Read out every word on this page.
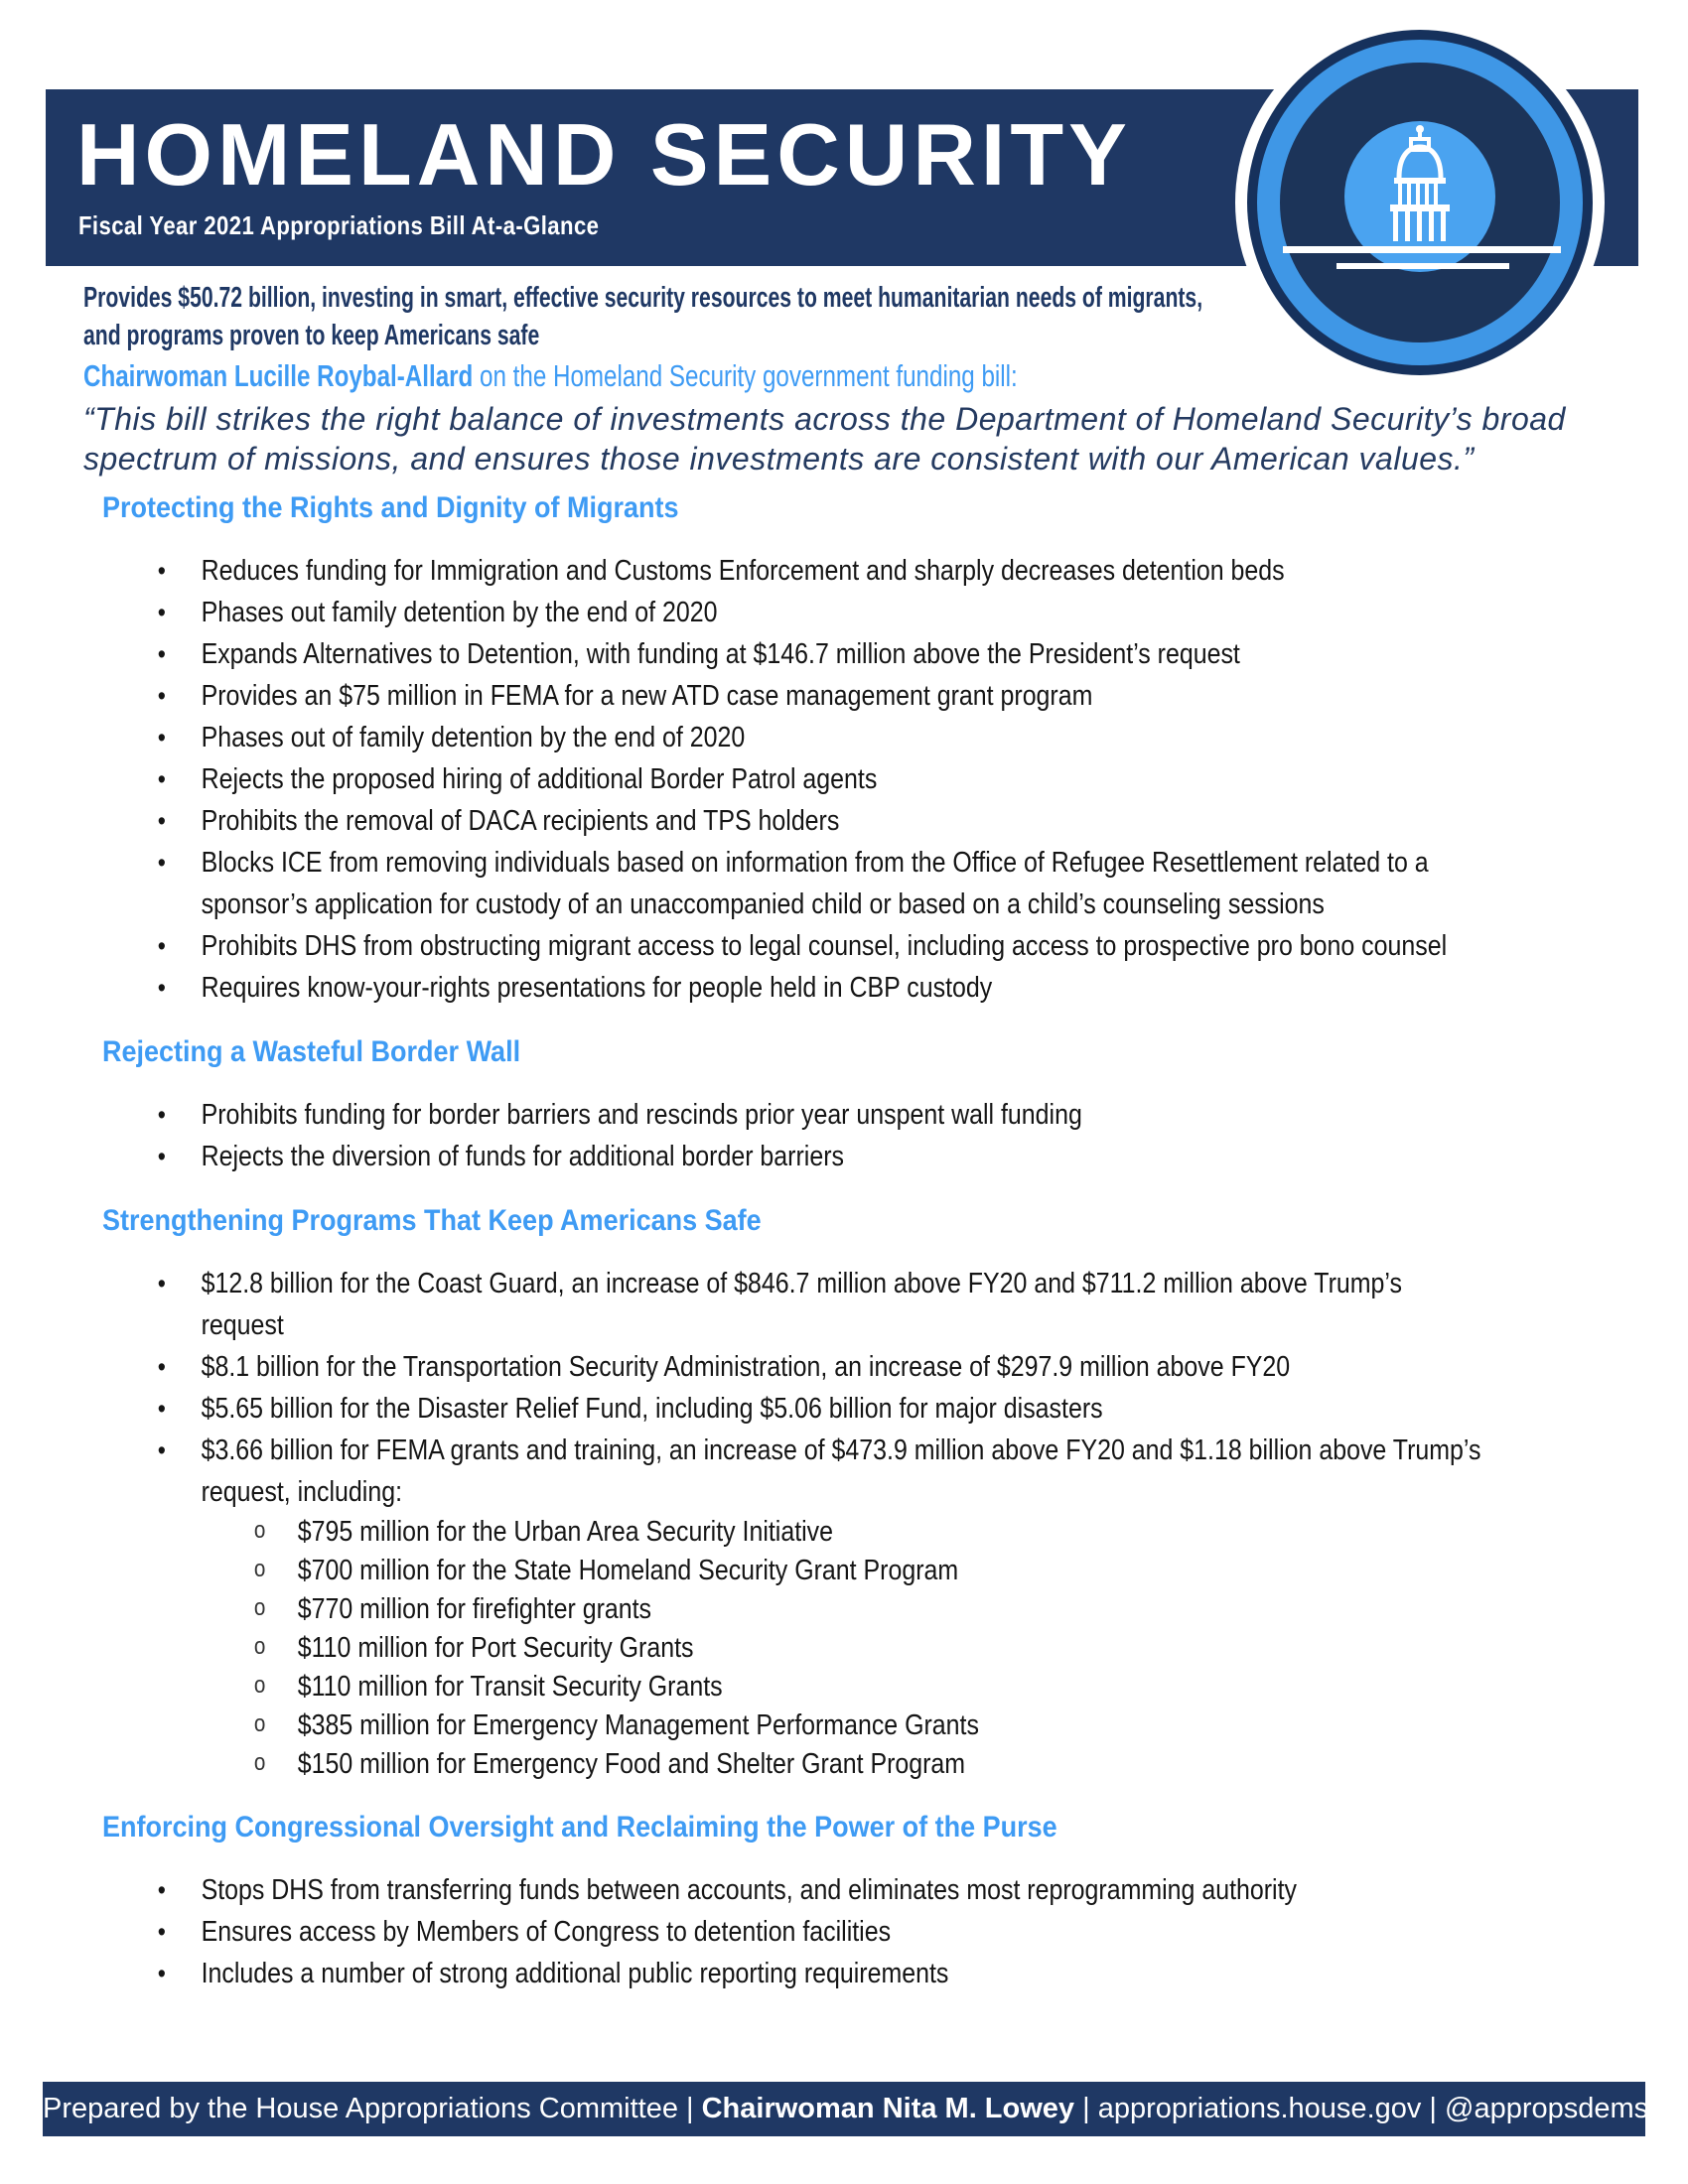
HOMELAND SECURITY
Fiscal Year 2021 Appropriations Bill At-a-Glance
Provides $50.72 billion, investing in smart, effective security resources to meet humanitarian needs of migrants,
and programs proven to keep Americans safe
Chairwoman Lucille Roybal-Allard on the Homeland Security government funding bill:
“This bill strikes the right balance of investments across the Department of Homeland Security’s broad
spectrum of missions, and ensures those investments are consistent with our American values.”
Protecting the Rights and Dignity of Migrants
• Reduces funding for Immigration and Customs Enforcement and sharply decreases detention beds
• Phases out family detention by the end of 2020
• Expands Alternatives to Detention, with funding at $146.7 million above the President’s request
• Provides an $75 million in FEMA for a new ATD case management grant program
• Phases out of family detention by the end of 2020
• Rejects the proposed hiring of additional Border Patrol agents
• Prohibits the removal of DACA recipients and TPS holders
• Blocks ICE from removing individuals based on information from the Office of Refugee Resettlement related to a sponsor’s application for custody of an unaccompanied child or based on a child’s counseling sessions
• Prohibits DHS from obstructing migrant access to legal counsel, including access to prospective pro bono counsel
• Requires know-your-rights presentations for people held in CBP custody
Rejecting a Wasteful Border Wall
• Prohibits funding for border barriers and rescinds prior year unspent wall funding
• Rejects the diversion of funds for additional border barriers
Strengthening Programs That Keep Americans Safe
• $12.8 billion for the Coast Guard, an increase of $846.7 million above FY20 and $711.2 million above Trump’s request
• $8.1 billion for the Transportation Security Administration, an increase of $297.9 million above FY20
• $5.65 billion for the Disaster Relief Fund, including $5.06 billion for major disasters
• $3.66 billion for FEMA grants and training, an increase of $473.9 million above FY20 and $1.18 billion above Trump’s request, including:
o $795 million for the Urban Area Security Initiative
o $700 million for the State Homeland Security Grant Program
o $770 million for firefighter grants
o $110 million for Port Security Grants
o $110 million for Transit Security Grants
o $385 million for Emergency Management Performance Grants
o $150 million for Emergency Food and Shelter Grant Program
Enforcing Congressional Oversight and Reclaiming the Power of the Purse
• Stops DHS from transferring funds between accounts, and eliminates most reprogramming authority
• Ensures access by Members of Congress to detention facilities
• Includes a number of strong additional public reporting requirements
Prepared by the House Appropriations Committee | Chairwoman Nita M. Lowey | appropriations.house.gov | @appropsdems
